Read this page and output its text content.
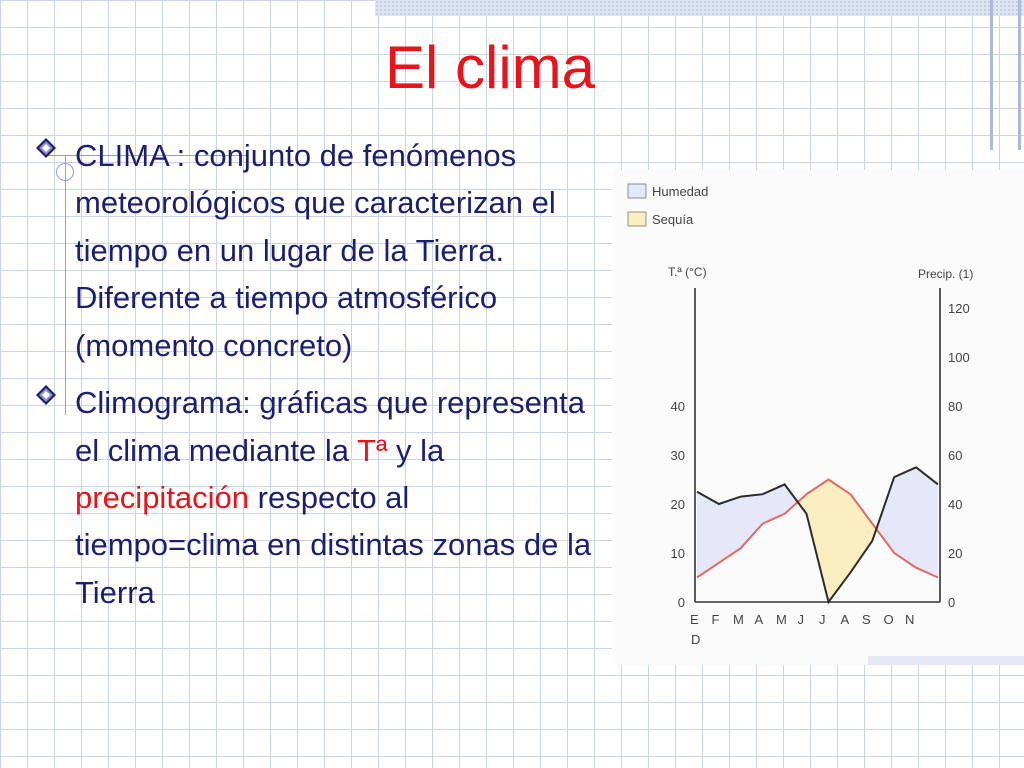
El clima
CLIMA : conjunto de fenómenos meteorológicos que caracterizan el tiempo en un lugar de la Tierra. Diferente a tiempo atmosférico (momento concreto)
Climograma: gráficas que representa el clima mediante la Tª y la precipitación respecto al tiempo=clima en distintas zonas de la Tierra
Humedad
Sequía
T.ª (°C)	Precip. (1)
0
10
20
30
40
0
20
40
60
80
100
120
E F M A M J J A S O N
D
